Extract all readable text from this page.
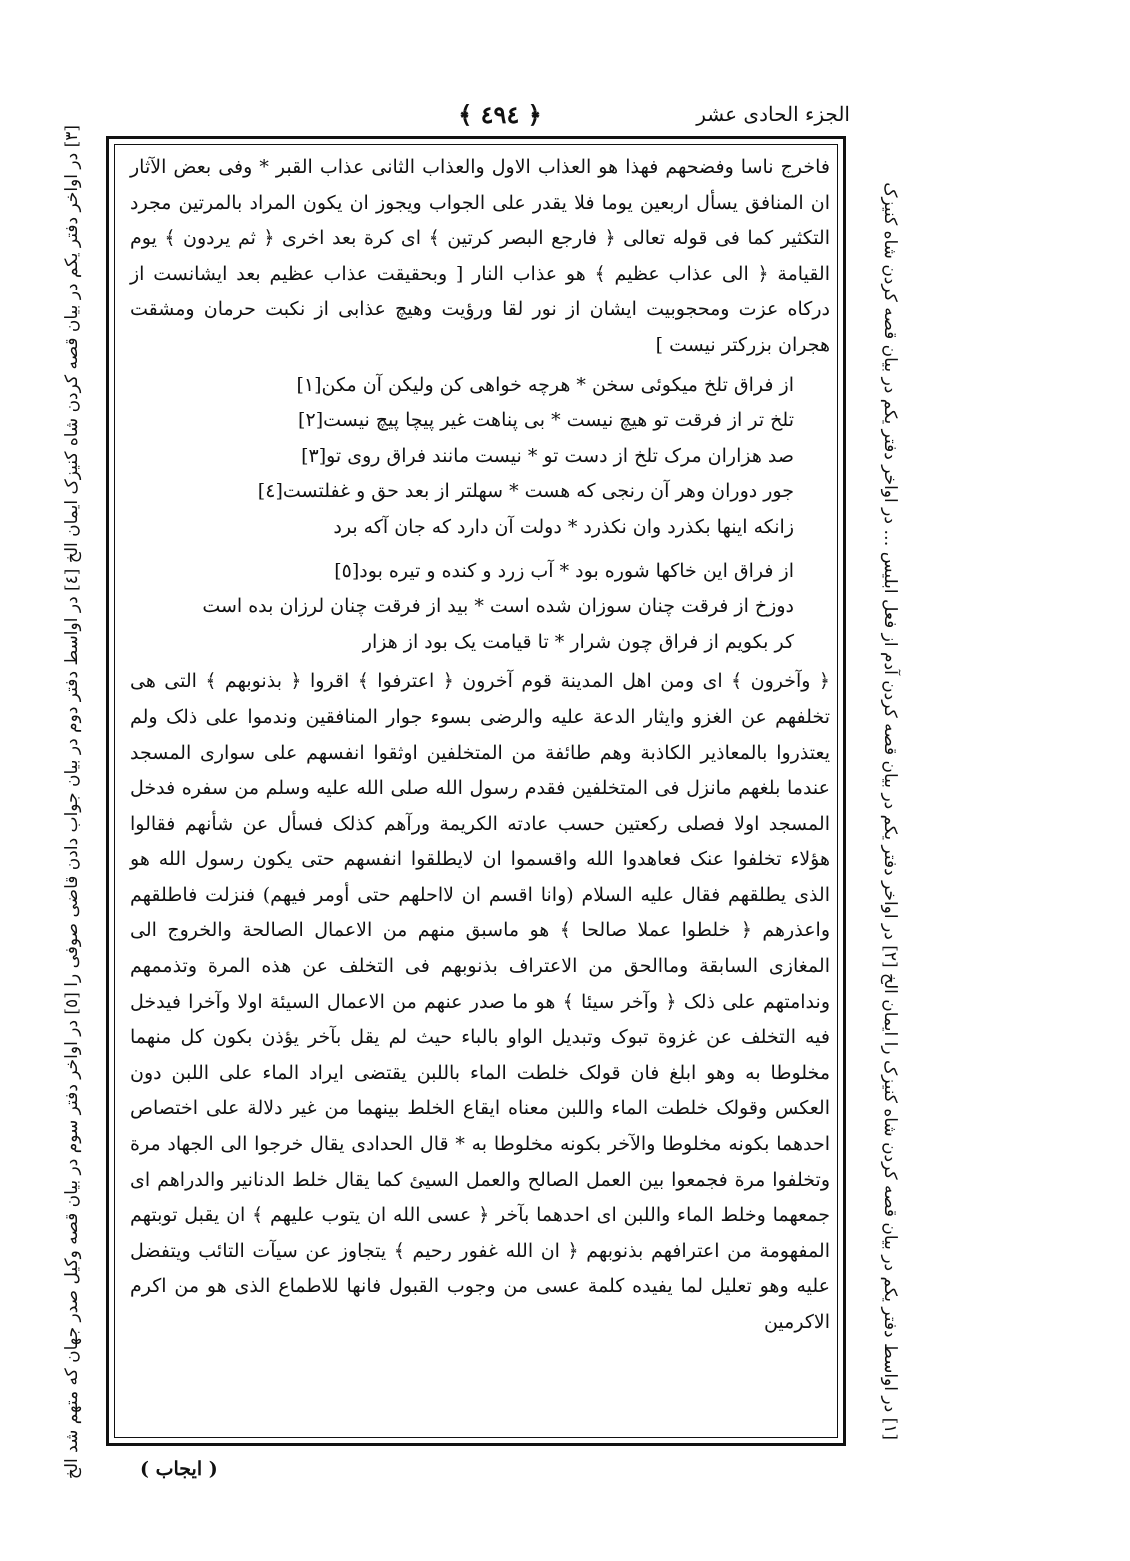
﴿ ٤٩٤ ﴾	الجزء الحادی عشر

فاخرج ناسا وفضحهم فهذا هو العذاب الاول والعذاب الثانی عذاب القبر * وفی بعض الآثار ان المنافق یسأل اربعین یوما فلا یقدر علی الجواب ویجوز ان یکون المراد بالمرتین مجرد التکثیر کما فی قوله تعالی ﴿ فارجع البصر کرتین ﴾ ای کرة بعد اخری ﴿ ثم یردون ﴾ یوم القیامة ﴿ الی عذاب عظیم ﴾ هو عذاب النار [ وبحقیقت عذاب عظیم بعد ایشانست از درکاه عزت ومحجوبیت ایشان از نور لقا ورؤیت وهیچ عذابی از نکبت حرمان ومشقت هجران بزرکتر نیست ]

از فراق تلخ میکوئی سخن * هرچه خواهی کن ولیکن آن مکن[۱]
تلخ تر از فرقت تو هیچ نیست * بی پناهت غیر پیچا پیچ نیست[۲]
صد هزاران مرک تلخ از دست تو * نیست مانند فراق روی تو[۳]
جور دوران وهر آن رنجی که هست * سهلتر از بعد حق و غفلتست[٤]
زانکه اینها بکذرد وان نکذرد * دولت آن دارد که جان آکه برد
از فراق این خاکها شوره بود * آب زرد و کنده و تیره بود[٥]
دوزخ از فرقت چنان سوزان شده است * بید از فرقت چنان لرزان بده است
کر بکویم از فراق چون شرار * تا قیامت یک بود از هزار

﴿ وآخرون ﴾ ای ومن اهل المدینة قوم آخرون ﴿ اعترفوا ﴾ اقروا ﴿ بذنوبهم ﴾ التی هی تخلفهم عن الغزو وایثار الدعة علیه والرضی بسوء جوار المنافقین وندموا علی ذلک ولم یعتذروا بالمعاذیر الکاذبة وهم طائفة من المتخلفین اوثقوا انفسهم علی سواری المسجد عندما بلغهم مانزل فی المتخلفین فقدم رسول الله صلی الله علیه وسلم من سفره فدخل المسجد اولا فصلی رکعتین حسب عادته الکریمة ورآهم کذلک فسأل عن شأنهم فقالوا هؤلاء تخلفوا عنک فعاهدوا الله واقسموا ان لایطلقوا انفسهم حتی یکون رسول الله هو الذی یطلقهم فقال علیه السلام (وانا اقسم ان لااحلهم حتی أومر فیهم) فنزلت فاطلقهم واعذرهم ﴿ خلطوا عملا صالحا ﴾ هو ماسبق منهم من الاعمال الصالحة والخروج الی المغازی السابقة وماالحق من الاعتراف بذنوبهم فی التخلف عن هذه المرة وتذممهم وندامتهم علی ذلک ﴿ وآخر سیئا ﴾ هو ما صدر عنهم من الاعمال السیئة اولا وآخرا فیدخل فیه التخلف عن غزوة تبوک وتبدیل الواو بالباء حیث لم یقل بآخر یؤذن بکون کل منهما مخلوطا به وهو ابلغ فان قولک خلطت الماء باللبن یقتضی ایراد الماء علی اللبن دون العکس وقولک خلطت الماء واللبن معناه ایقاع الخلط بینهما من غیر دلالة علی اختصاص احدهما بکونه مخلوطا والآخر بکونه مخلوطا به * قال الحدادی یقال خرجوا الی الجهاد مرة وتخلفوا مرة فجمعوا بین العمل الصالح والعمل السیئ کما یقال خلط الدنانیر والدراهم ای جمعهما وخلط الماء واللبن ای احدهما بآخر ﴿ عسی الله ان یتوب علیهم ﴾ ان یقبل توبتهم المفهومة من اعترافهم بذنوبهم ﴿ ان الله غفور رحیم ﴾ یتجاوز عن سیآت التائب ویتفضل علیه وهو تعلیل لما یفیده کلمة عسی من وجوب القبول فانها للاطماع الذی هو من اکرم الاکرمین

[۱] در اواسط دفتر یکم در بیان قصه کردن شاه کنیزک را ایمان الخ [۲] در اواخر دفتر یکم در بیان قصه کردن آدم از فعل ابلیس … در اواخر دفتر یکم در بیان قصه کردن شاه کنیزک
[۳] در اواخر دفتر یکم در بیان قصه کردن شاه کنیزک ایمان الخ [٤] در اواسط دفتر دوم در بیان جواب دادن قاضی صوفی را [٥] در اواخر دفتر سوم در بیان قصه وکیل صدر جهان که متهم شد الخ
( ایجاب )
